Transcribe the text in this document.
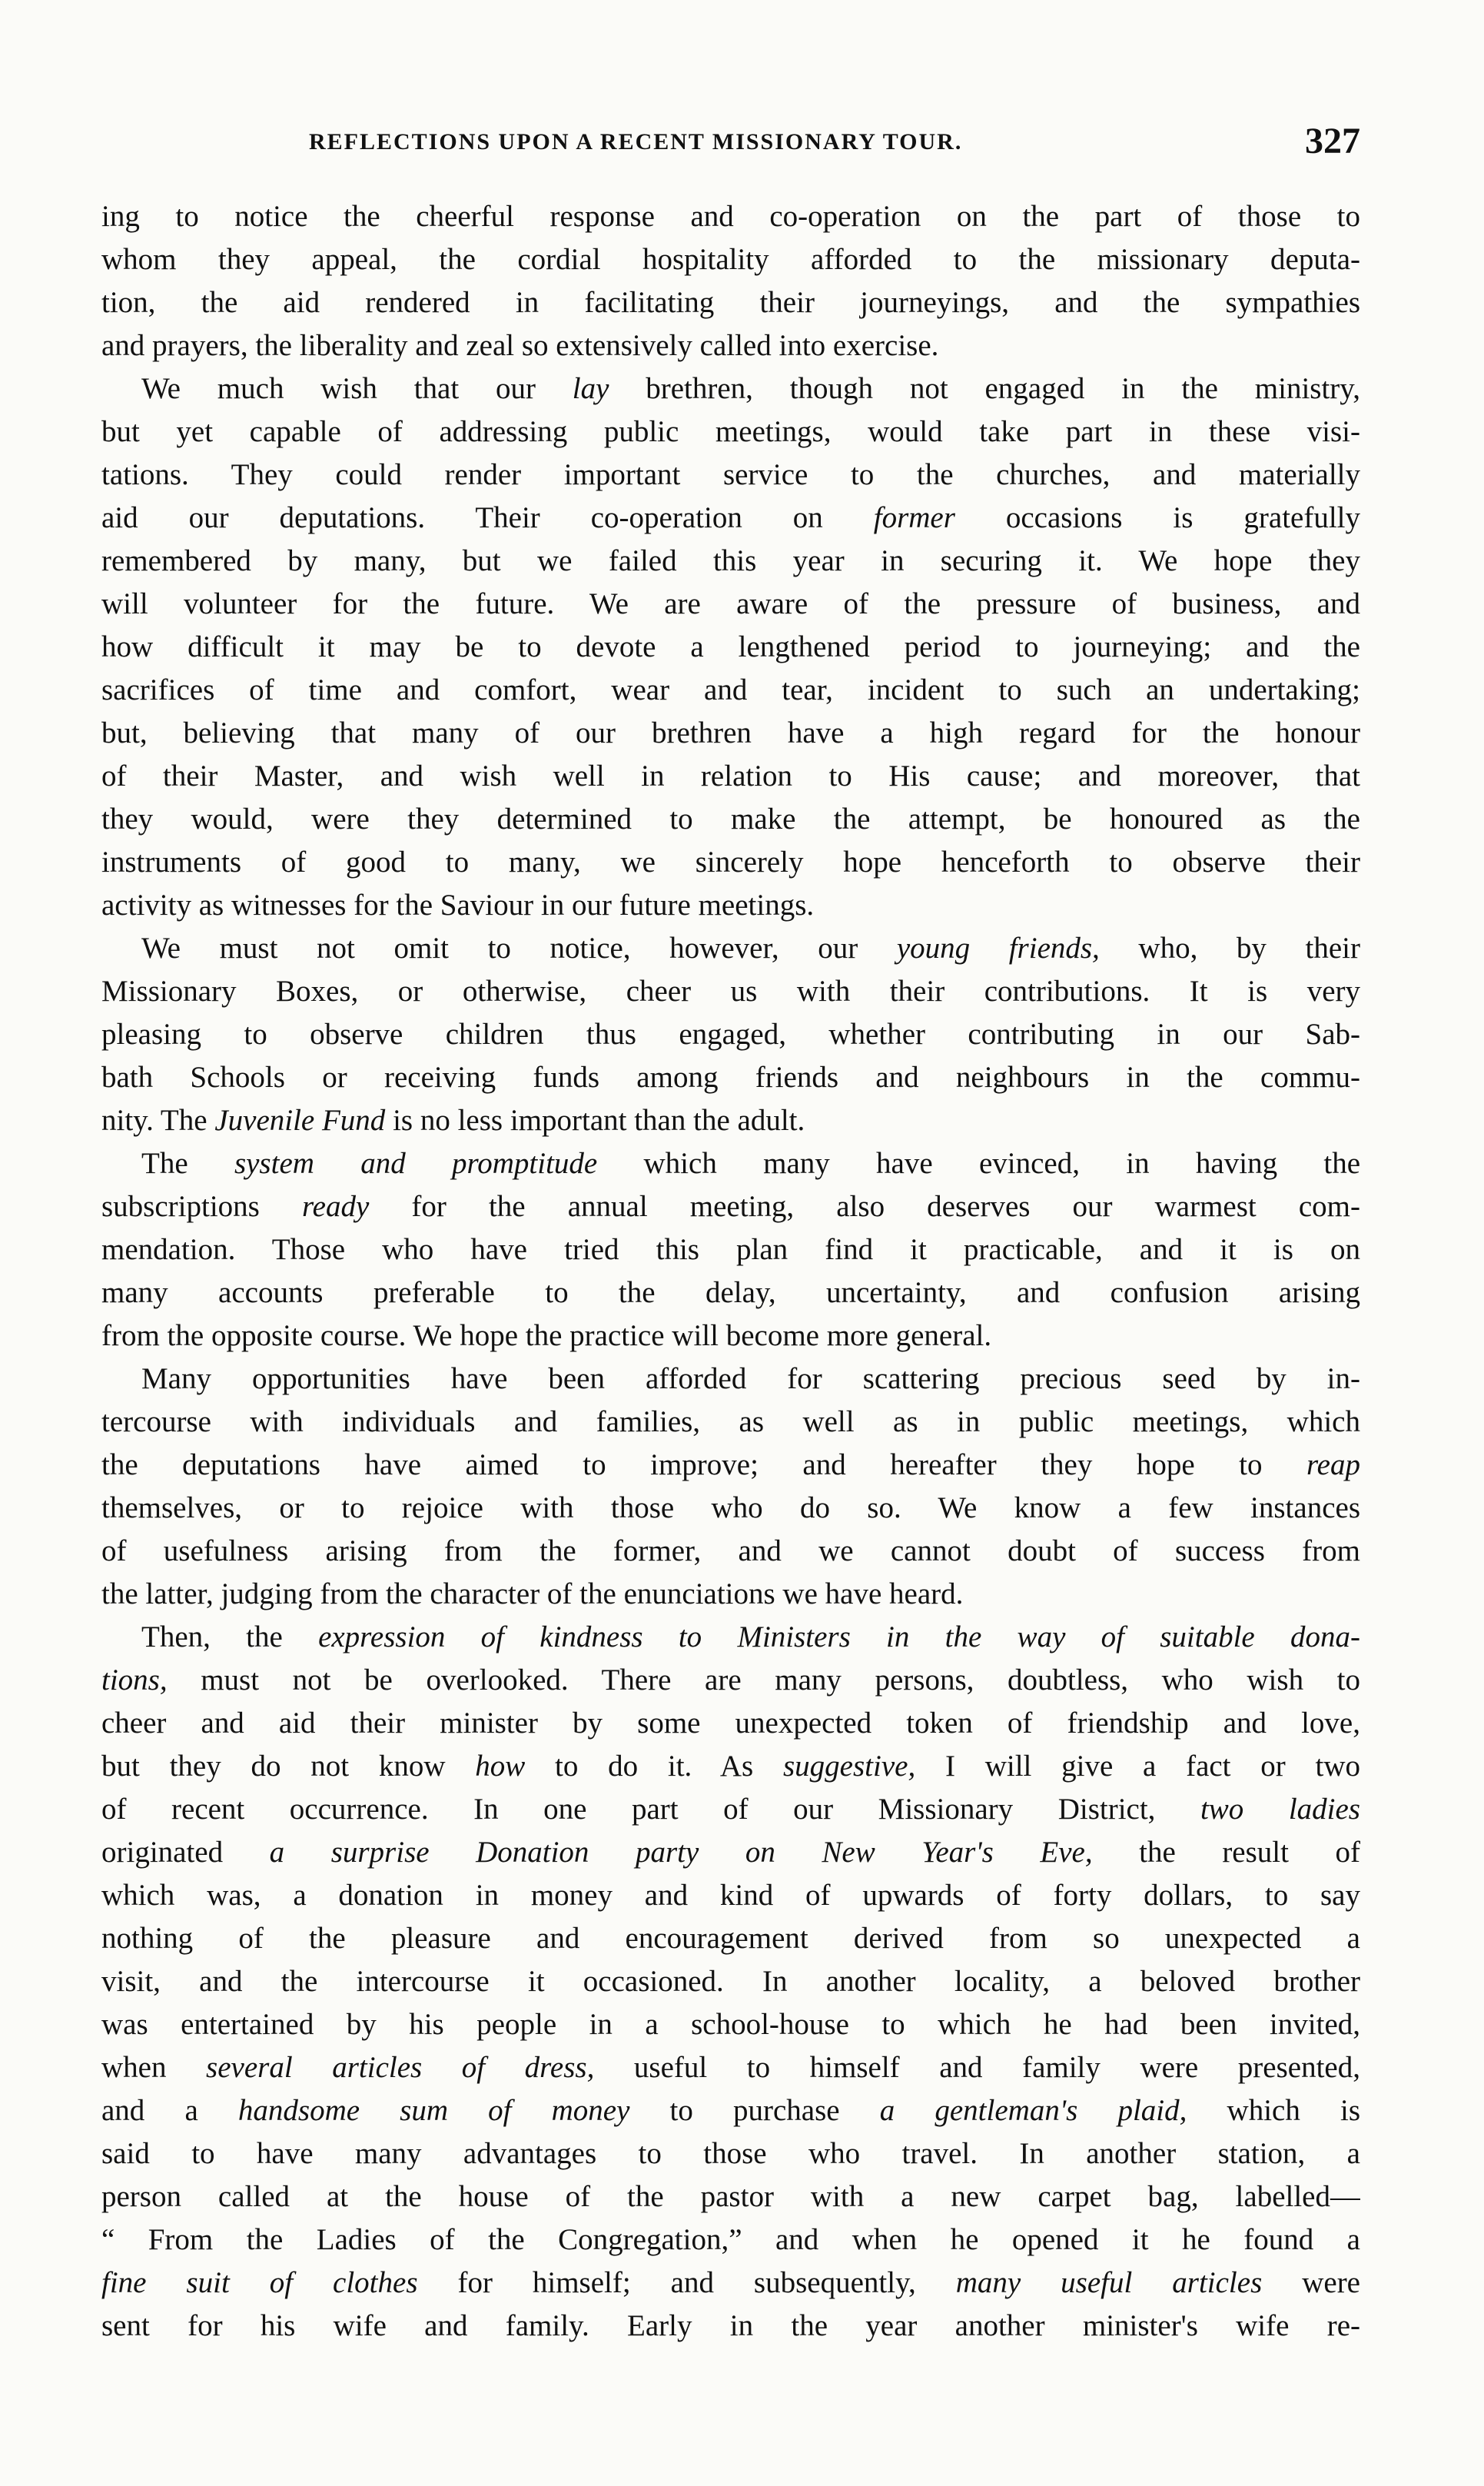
REFLECTIONS UPON A RECENT MISSIONARY TOUR.	327
ing to notice the cheerful response and co-operation on the part of those to
whom they appeal, the cordial hospitality afforded to the missionary deputa-
tion, the aid rendered in facilitating their journeyings, and the sympathies
and prayers, the liberality and zeal so extensively called into exercise.
We much wish that our lay brethren, though not engaged in the ministry,
but yet capable of addressing public meetings, would take part in these visi-
tations. They could render important service to the churches, and materially
aid our deputations. Their co-operation on former occasions is gratefully
remembered by many, but we failed this year in securing it. We hope they
will volunteer for the future. We are aware of the pressure of business, and
how difficult it may be to devote a lengthened period to journeying; and the
sacrifices of time and comfort, wear and tear, incident to such an undertaking;
but, believing that many of our brethren have a high regard for the honour
of their Master, and wish well in relation to His cause; and moreover, that
they would, were they determined to make the attempt, be honoured as the
instruments of good to many, we sincerely hope henceforth to observe their
activity as witnesses for the Saviour in our future meetings.
We must not omit to notice, however, our young friends, who, by their
Missionary Boxes, or otherwise, cheer us with their contributions. It is very
pleasing to observe children thus engaged, whether contributing in our Sab-
bath Schools or receiving funds among friends and neighbours in the commu-
nity. The Juvenile Fund is no less important than the adult.
The system and promptitude which many have evinced, in having the
subscriptions ready for the annual meeting, also deserves our warmest com-
mendation. Those who have tried this plan find it practicable, and it is on
many accounts preferable to the delay, uncertainty, and confusion arising
from the opposite course. We hope the practice will become more general.
Many opportunities have been afforded for scattering precious seed by in-
tercourse with individuals and families, as well as in public meetings, which
the deputations have aimed to improve; and hereafter they hope to reap
themselves, or to rejoice with those who do so. We know a few instances
of usefulness arising from the former, and we cannot doubt of success from
the latter, judging from the character of the enunciations we have heard.
Then, the expression of kindness to Ministers in the way of suitable dona-
tions, must not be overlooked. There are many persons, doubtless, who wish to
cheer and aid their minister by some unexpected token of friendship and love,
but they do not know how to do it. As suggestive, I will give a fact or two
of recent occurrence. In one part of our Missionary District, two ladies
originated a surprise Donation party on New Year's Eve, the result of
which was, a donation in money and kind of upwards of forty dollars, to say
nothing of the pleasure and encouragement derived from so unexpected a
visit, and the intercourse it occasioned. In another locality, a beloved brother
was entertained by his people in a school-house to which he had been invited,
when several articles of dress, useful to himself and family were presented,
and a handsome sum of money to purchase a gentleman's plaid, which is
said to have many advantages to those who travel. In another station, a
person called at the house of the pastor with a new carpet bag, labelled—
“ From the Ladies of the Congregation,” and when he opened it he found a
fine suit of clothes for himself; and subsequently, many useful articles were
sent for his wife and family. Early in the year another minister's wife re-
